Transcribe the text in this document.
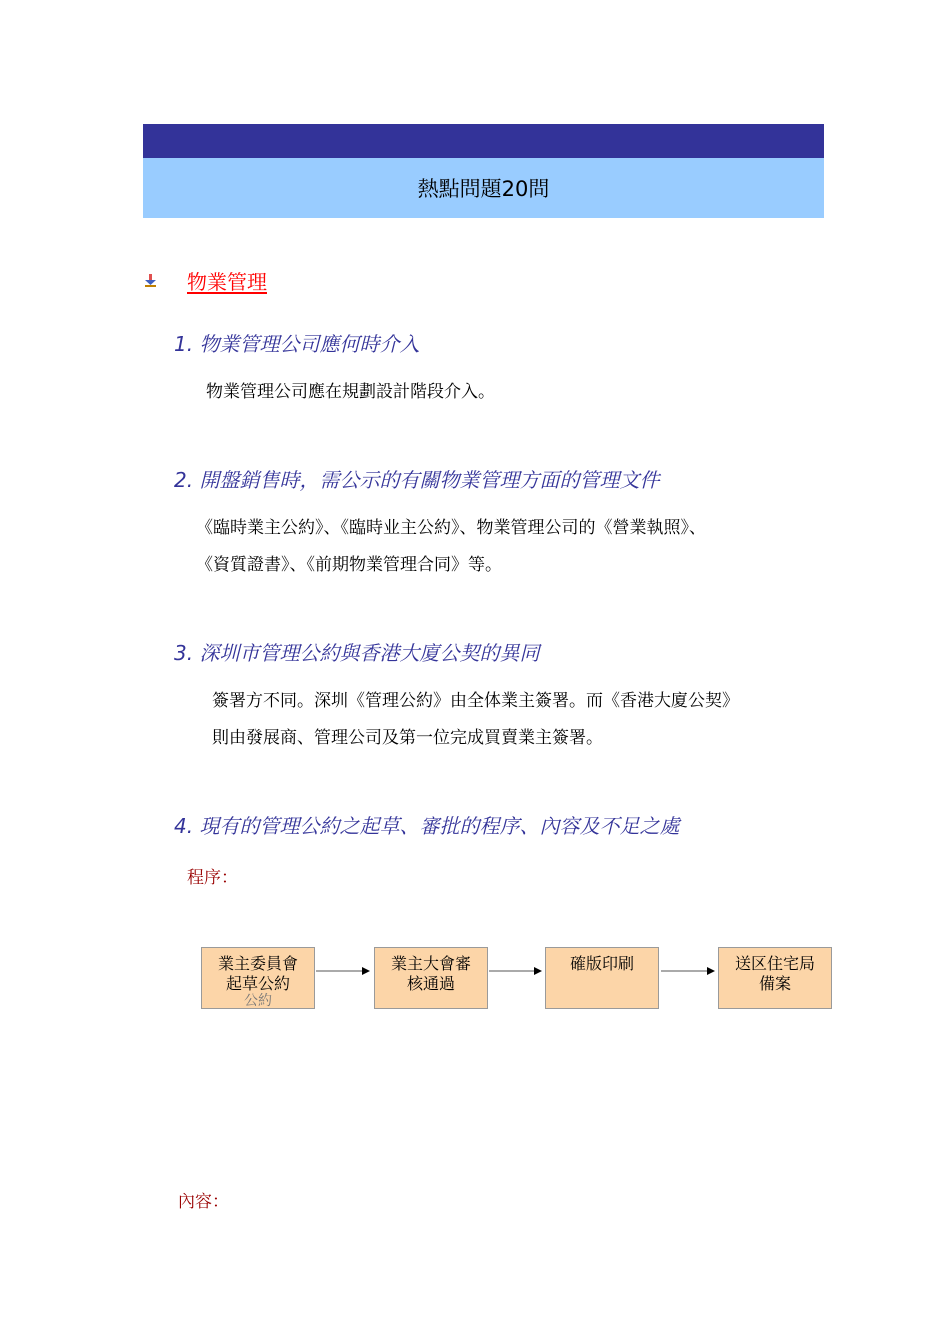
熱點問題20問
物業管理
1. 物業管理公司應何時介入
物業管理公司應在規劃設計階段介入。
2. 開盤銷售時，需公示的有關物業管理方面的管理文件
《臨時業主公約》、《臨時业主公約》、物業管理公司的《營業執照》、
《資質證書》、《前期物業管理合同》等。
3. 深圳市管理公約與香港大廈公契的異同
簽署方不同。深圳《管理公約》由全体業主簽署。而《香港大廈公契》
則由發展商、管理公司及第一位完成買賣業主簽署。
4. 現有的管理公約之起草、審批的程序、內容及不足之處
程序：
業主委員會
起草公約
公約
業主大會審
核通過
確版印刷	送区住宅局
備案
內容：
